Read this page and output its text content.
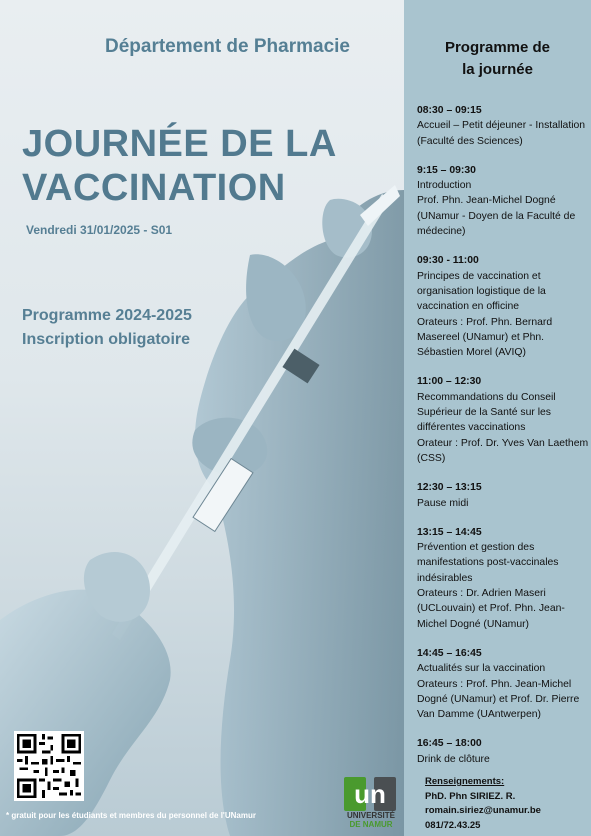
Département de Pharmacie
JOURNÉE DE LA
VACCINATION
Vendredi 31/01/2025 - S01
Programme 2024-2025
Inscription obligatoire
Programme de
la journée
08:30 – 09:15
Accueil – Petit déjeuner - Installation (Faculté des Sciences)
9:15 – 09:30
Introduction
Prof. Phn. Jean-Michel Dogné (UNamur - Doyen de la Faculté de médecine)
09:30 - 11:00
Principes de vaccination et organisation logistique de la vaccination en officine
Orateurs : Prof. Phn. Bernard Masereel (UNamur) et Phn. Sébastien Morel (AVIQ)
11:00 – 12:30
Recommandations du Conseil Supérieur de la Santé sur les différentes vaccinations
Orateur : Prof. Dr. Yves Van Laethem (CSS)
12:30 – 13:15
Pause midi
13:15 – 14:45
Prévention et gestion des manifestations post-vaccinales indésirables
Orateurs : Dr. Adrien Maseri (UCLouvain) et Prof. Phn. Jean-Michel Dogné (UNamur)
14:45 – 16:45
Actualités sur la vaccination
Orateurs : Prof. Phn. Jean-Michel Dogné (UNamur) et Prof. Dr. Pierre Van Damme (UAntwerpen)
16:45 – 18:00
Drink de clôture
* gratuit pour les étudiants et membres du personnel de l'UNamur
un
UNIVERSITÉ
DE NAMUR
Renseignements:
PhD. Phn SIRIEZ. R.
romain.siriez@unamur.be
081/72.43.25
